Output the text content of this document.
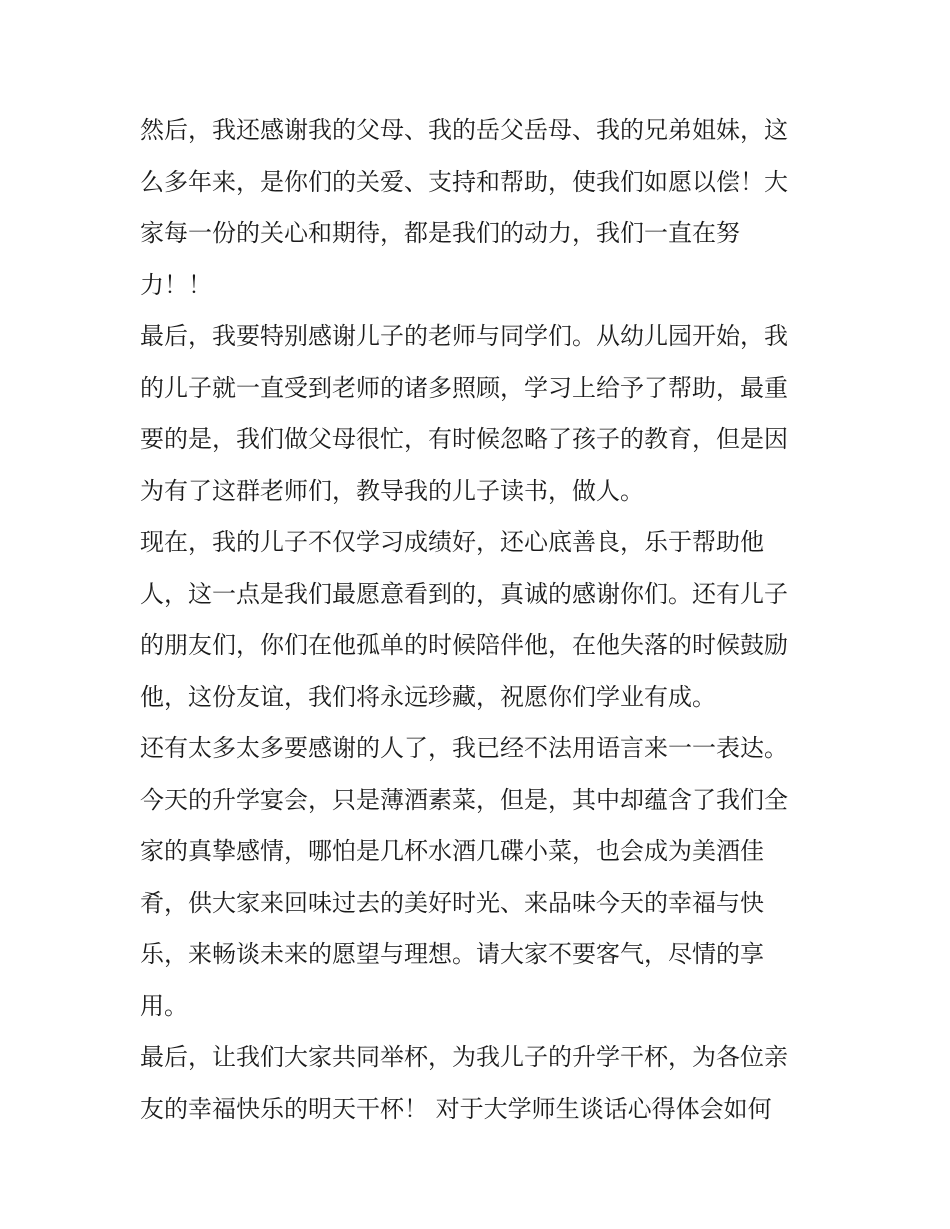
然后，我还感谢我的父母、我的岳父岳母、我的兄弟姐妹，这
么多年来，是你们的关爱、支持和帮助，使我们如愿以偿！大
家每一份的关心和期待，都是我们的动力，我们一直在努
力！！
最后，我要特别感谢儿子的老师与同学们。从幼儿园开始，我
的儿子就一直受到老师的诸多照顾，学习上给予了帮助，最重
要的是，我们做父母很忙，有时候忽略了孩子的教育，但是因
为有了这群老师们，教导我的儿子读书，做人。
现在，我的儿子不仅学习成绩好，还心底善良，乐于帮助他
人，这一点是我们最愿意看到的，真诚的感谢你们。还有儿子
的朋友们，你们在他孤单的时候陪伴他，在他失落的时候鼓励
他，这份友谊，我们将永远珍藏，祝愿你们学业有成。
还有太多太多要感谢的人了，我已经不法用语言来一一表达。
今天的升学宴会，只是薄酒素菜，但是，其中却蕴含了我们全
家的真挚感情，哪怕是几杯水酒几碟小菜，也会成为美酒佳
肴，供大家来回味过去的美好时光、来品味今天的幸福与快
乐，来畅谈未来的愿望与理想。请大家不要客气，尽情的享
用。
最后，让我们大家共同举杯，为我儿子的升学干杯，为各位亲
友的幸福快乐的明天干杯！ 对于大学师生谈话心得体会如何
